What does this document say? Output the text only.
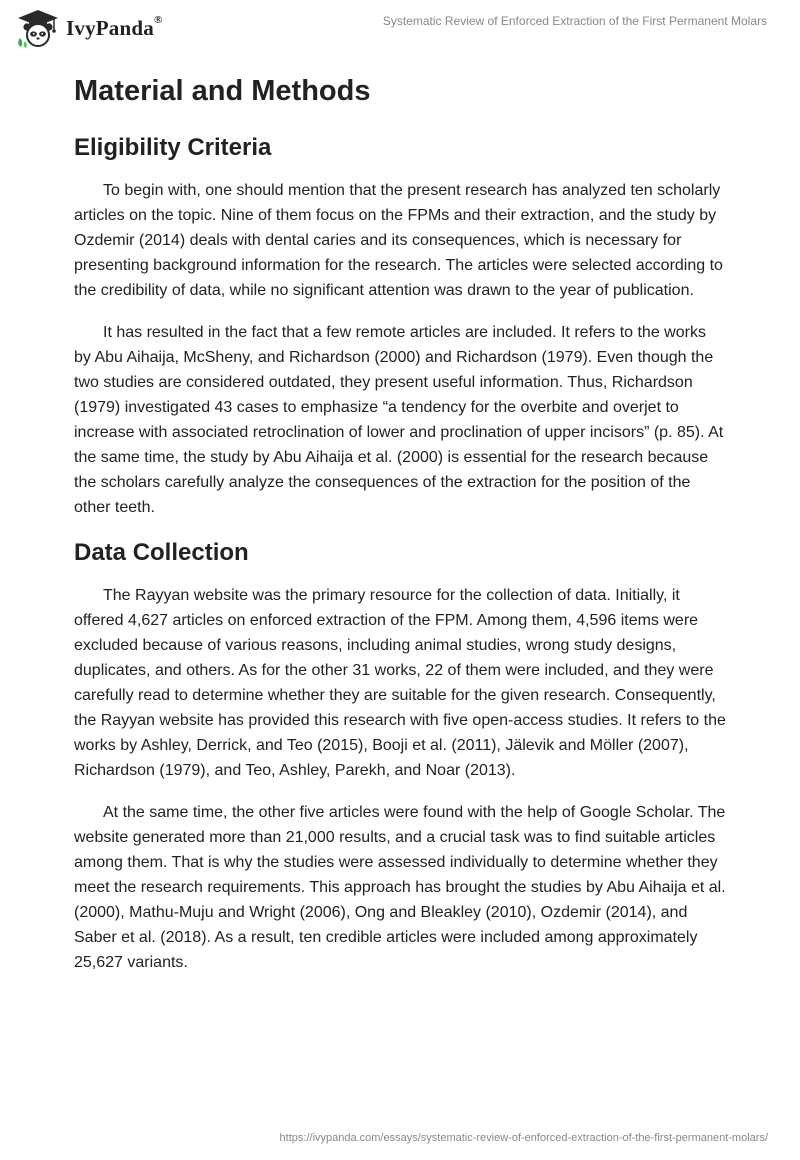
IvyPanda®	Systematic Review of Enforced Extraction of the First Permanent Molars
Material and Methods
Eligibility Criteria

To begin with, one should mention that the present research has analyzed ten scholarly articles on the topic. Nine of them focus on the FPMs and their extraction, and the study by Ozdemir (2014) deals with dental caries and its consequences, which is necessary for presenting background information for the research. The articles were selected according to the credibility of data, while no significant attention was drawn to the year of publication.

It has resulted in the fact that a few remote articles are included. It refers to the works by Abu Aihaija, McSheny, and Richardson (2000) and Richardson (1979). Even though the two studies are considered outdated, they present useful information. Thus, Richardson (1979) investigated 43 cases to emphasize “a tendency for the overbite and overjet to increase with associated retroclination of lower and proclination of upper incisors” (p. 85). At the same time, the study by Abu Aihaija et al. (2000) is essential for the research because the scholars carefully analyze the consequences of the extraction for the position of the other teeth.

Data Collection

The Rayyan website was the primary resource for the collection of data. Initially, it offered 4,627 articles on enforced extraction of the FPM. Among them, 4,596 items were excluded because of various reasons, including animal studies, wrong study designs, duplicates, and others. As for the other 31 works, 22 of them were included, and they were carefully read to determine whether they are suitable for the given research. Consequently, the Rayyan website has provided this research with five open-access studies. It refers to the works by Ashley, Derrick, and Teo (2015), Booji et al. (2011), Jälevik and Möller (2007), Richardson (1979), and Teo, Ashley, Parekh, and Noar (2013).

At the same time, the other five articles were found with the help of Google Scholar. The website generated more than 21,000 results, and a crucial task was to find suitable articles among them. That is why the studies were assessed individually to determine whether they meet the research requirements. This approach has brought the studies by Abu Aihaija et al. (2000), Mathu-Muju and Wright (2006), Ong and Bleakley (2010), Ozdemir (2014), and Saber et al. (2018). As a result, ten credible articles were included among approximately 25,627 variants.

https://ivypanda.com/essays/systematic-review-of-enforced-extraction-of-the-first-permanent-molars/
